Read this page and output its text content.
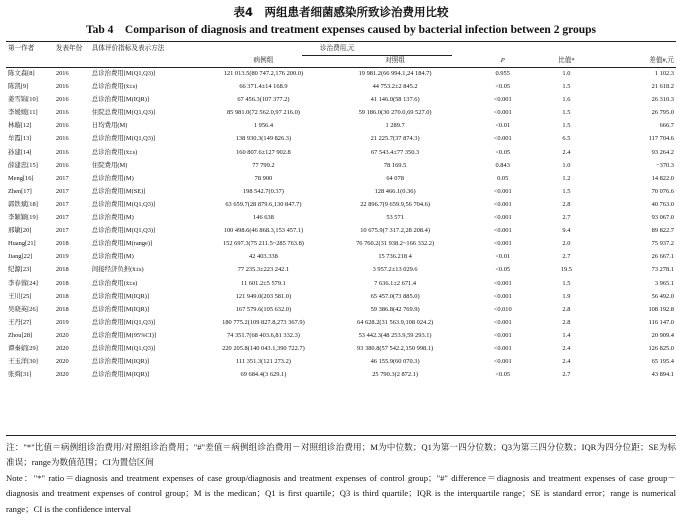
表4　两组患者细菌感染所致诊治费用比较
Tab 4　Comparison of diagnosis and treatment expenses caused by bacterial infection between 2 groups
第一作者	发表年份	具体评价指标及表示方法	诊治费用,元				
			病例组	对照组	P	比值*	差值#,元
陈文森[8]	2016	总诊治费用[M(Q1,Q3)]	121 013.5(80 747.2,176 200.0)	19 981.2(66 994.1,24 184.7)	0.955	1.0	1 102.3
陈凯[9]	2016	总诊治费用(x̄±s)	66 371.4±14 168.9	44 753.2±2 845.2	<0.05	1.5	21 618.2
姜雪锦[10]	2016	总诊治费用[M(IQR)]	67 456.3(107 377.2)	41 146.0(58 137.6)	<0.001	1.6	26 310.3
李媛媛[11]	2016	住院总费用[M(Q1,Q3)]	85 981.0(72 562.0,97 216.0)	59 186.0(30 270.0,69 527.0)	<0.001	1.5	26 795.0
林璇[12]	2016	日均费用(M)	1 956.4	1 289.7	<0.01	1.5	666.7
牟霞[13]	2016	总诊治费用[M(Q1,Q3)]	138 930.3(149 826.3)	21 225.7(37 874.3)	<0.001	6.5	117 704.6
孙建[14]	2016	总诊治费用(x̄±s)	160 807.6±127 902.8	67 543.4±77 350.3	<0.05	2.4	93 264.2
薛建忠[15]	2016	住院费用(M)	77 799.2	78 169.5	0.843	1.0	−370.3
Meng[16]	2017	总诊治费用(M)	78 900	64 078	0.05	1.2	14 822.0
Zhen[17]	2017	总诊治费用[M(SE)]	198 542.7(0.37)	128 466.1(0.36)	<0.001	1.5	70 076.6
郭铁斌[18]	2017	总诊治费用[M(Q1,Q3)]	63 659.7(28 879.6,130 847.7)	22 896.7(9 659.9,56 704.6)	<0.001	2.8	40 763.0
李颖颖[19]	2017	总诊治费用(M)	146 638	53 571	<0.001	2.7	93 067.0
邢敏[20]	2017	总诊治费用[M(Q1,Q3)]	100 498.6(46 868.3,153 457.1)	10 675.9(7 317.2,28 208.4)	<0.001	9.4	89 822.7
Huang[21]	2018	总诊治费用[M(range)]	152 697.3(75 211.5~285 763.8)	76 760.2(31 938.2~166 332.2)	<0.001	2.0	75 937.2
Jiang[22]	2019	总诊治费用(M)	42 403.338	15 736.218 4	<0.01	2.7	26 667.1
纪源[23]	2018	间接经济负担(x̄±s)	77 235.3±223 242.1	3 957.2±13 029.6	<0.05	19.5	73 278.1
李春蓉[24]	2018	总诊治费用(x̄±s)	11 601.2±5 579.1	7 636.1±2 671.4	<0.001	1.5	3 965.1
王川[25]	2018	总诊治费用[M(IQR)]	121 949.0(203 581.0)	65 457.0(73 885.0)	<0.001	1.9	56 492.0
吴晓英[26]	2018	总诊治费用[M(IQR)]	167 579.6(105 632.0)	59 386.8(42 769.9)	<0.010	2.8	108 192.8
王丹[27]	2019	总诊治费用[M(Q1,Q3)]	180 775.2(109 827.8,273 367.9)	64 628.2(31 563.9,108 024.2)	<0.001	2.8	116 147.0
Zhou[28]	2020	总诊治费用[M(95%CI)]	74 351.7(68 403.6,81 332.3)	53 442.3(48 253.9,59 293.1)	<0.001	1.4	20 909.4
谭秦娟[29]	2020	总诊治费用[M(Q1,Q3)]	220 205.8(140 043.1,390 722.7)	93 380.8(57 542.2,150 998.1)	<0.001	2.4	126 825.0
王玉洋[30]	2020	总诊治费用[M(IQR)]	111 351.3(121 273.2)	46 155.9(60 070.3)	<0.001	2.4	65 195.4
张舜[31]	2020	总诊治费用[M(IQR)]	69 684.4(3 629.1)	25 790.3(2 872.1)	<0.05	2.7	43 894.1

注："*"比值＝病例组诊治费用/对照组诊治费用；"#"差值＝病例组诊治费用－对照组诊治费用；M为中位数；Q1为第一四分位数；Q3为第三四分位数；IQR为四分位距；SE为标准误；range为数值范围；CI为置信区间

Note："*" ratio＝diagnosis and treatment expenses of case group/diagnosis and treatment expenses of control group；"#" difference＝diagnosis and treatment expenses of case group－diagnosis and treatment expenses of control group；M is the medican；Q1 is first quartile；Q3 is third quartile；IQR is the interquartile range；SE is standard error；range is numerical range；CI is the confidence interval
